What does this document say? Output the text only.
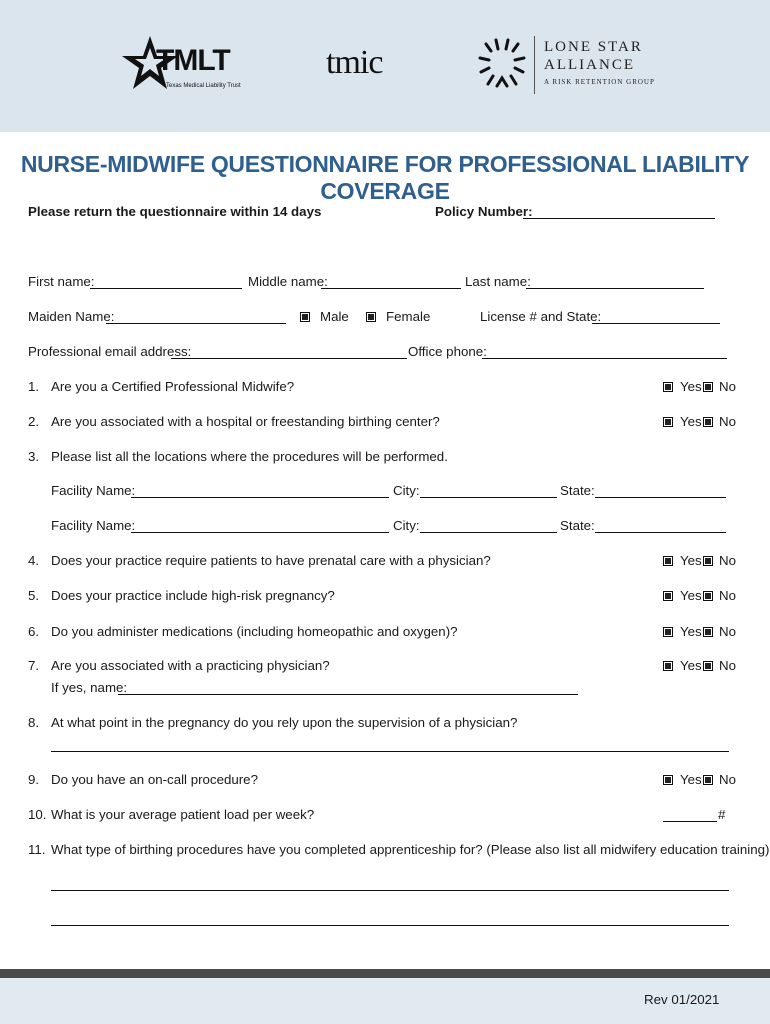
TMLT
Texas Medical Liability Trust
tmic	LONE STAR
ALLIANCE
A RISK RETENTION GROUP
NURSE-MIDWIFE QUESTIONNAIRE FOR PROFESSIONAL LIABILITY COVERAGE
Please return the questionnaire within 14 days	Policy Number:
First name:	Middle name:	Last name:
Maiden Name:	Male	Female	License # and State:
Professional email address:	Office phone:
1. Are you a Certified Professional Midwife?	Yes No
2. Are you associated with a hospital or freestanding birthing center?	Yes No
3. Please list all the locations where the procedures will be performed.
Facility Name:	City:	State:
Facility Name:	City:	State:
4. Does your practice require patients to have prenatal care with a physician?	Yes No
5. Does your practice include high-risk pregnancy?	Yes No
6. Do you administer medications (including homeopathic and oxygen)?	Yes No
7. Are you associated with a practicing physician?	Yes No
If yes, name:
8. At what point in the pregnancy do you rely upon the supervision of a physician?
9. Do you have an on-call procedure?	Yes No
10. What is your average patient load per week?	#
11. What type of birthing procedures have you completed apprenticeship for? (Please also list all midwifery education training)
Rev 01/2021
